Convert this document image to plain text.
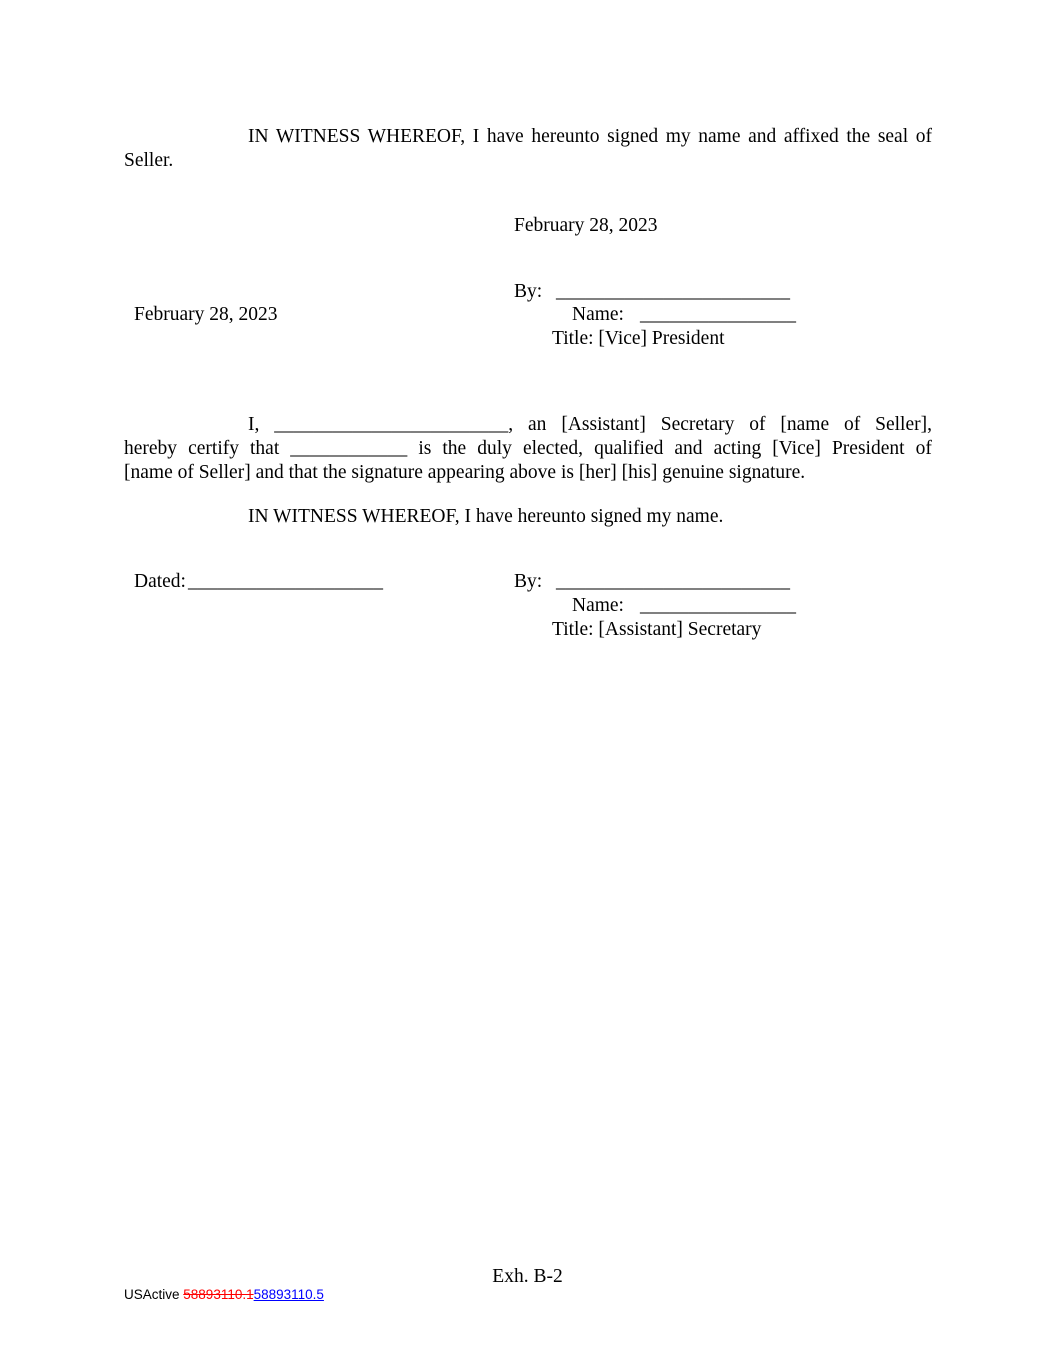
IN WITNESS WHEREOF, I have hereunto signed my name and affixed the seal of Seller.
February 28, 2023
By: ________________________
February 28, 2023	Name: ________________
Title: [Vice] President
I, ________________________, an [Assistant] Secretary of [name of Seller],
hereby certify that ____________ is the duly elected, qualified and acting [Vice] President of
[name of Seller] and that the signature appearing above is [her] [his] genuine signature.
IN WITNESS WHEREOF, I have hereunto signed my name.
Dated: ____________________	By: ________________________
Name: ________________
Title: [Assistant] Secretary
Exh. B-2
USActive 58893110.158893110.5
